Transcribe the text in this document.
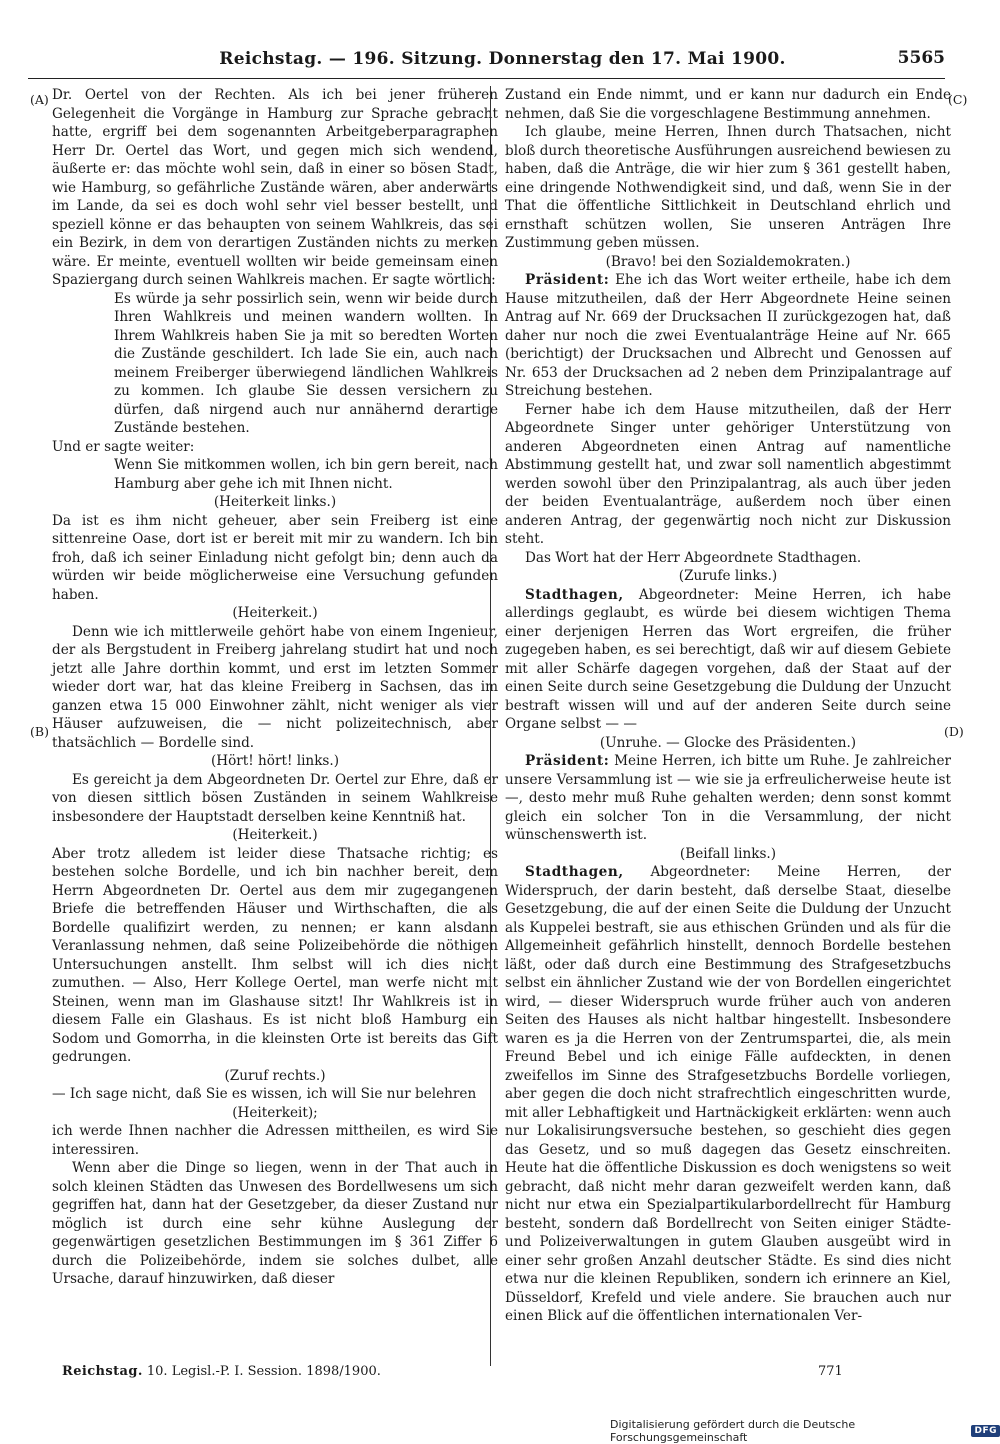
Reichstag. — 196. Sitzung. Donnerstag den 17. Mai 1900.	5565
(A)
(B)
(C)
(D)

Dr. Oertel von der Rechten. Als ich bei jener früheren Gelegenheit die Vorgänge in Hamburg zur Sprache gebracht hatte, ergriff bei dem sogenannten Arbeitgeberparagraphen Herr Dr. Oertel das Wort, und gegen mich sich wendend, äußerte er: das möchte wohl sein, daß in einer so bösen Stadt, wie Hamburg, so gefährliche Zustände wären, aber anderwärts im Lande, da sei es doch wohl sehr viel besser bestellt, und speziell könne er das behaupten von seinem Wahlkreis, das sei ein Bezirk, in dem von derartigen Zuständen nichts zu merken wäre. Er meinte, eventuell wollten wir beide gemeinsam einen Spaziergang durch seinen Wahlkreis machen. Er sagte wörtlich:

Es würde ja sehr possirlich sein, wenn wir beide durch Ihren Wahlkreis und meinen wandern wollten. In Ihrem Wahlkreis haben Sie ja mit so beredten Worten die Zustände geschildert. Ich lade Sie ein, auch nach meinem Freiberger überwiegend ländlichen Wahlkreis zu kommen. Ich glaube Sie dessen versichern zu dürfen, daß nirgend auch nur annähernd derartige Zustände bestehen.

Und er sagte weiter:

Wenn Sie mitkommen wollen, ich bin gern bereit, nach Hamburg aber gehe ich mit Ihnen nicht.

(Heiterkeit links.)

Da ist es ihm nicht geheuer, aber sein Freiberg ist eine sittenreine Oase, dort ist er bereit mit mir zu wandern. Ich bin froh, daß ich seiner Einladung nicht gefolgt bin; denn auch da würden wir beide möglicherweise eine Versuchung gefunden haben.

(Heiterkeit.)

Denn wie ich mittlerweile gehört habe von einem Ingenieur, der als Bergstudent in Freiberg jahrelang studirt hat und noch jetzt alle Jahre dorthin kommt, und erst im letzten Sommer wieder dort war, hat das kleine Freiberg in Sachsen, das im ganzen etwa 15 000 Einwohner zählt, nicht weniger als vier Häuser aufzuweisen, die — nicht polizeitechnisch, aber thatsächlich — Bordelle sind.

(Hört! hört! links.)

Es gereicht ja dem Abgeordneten Dr. Oertel zur Ehre, daß er von diesen sittlich bösen Zuständen in seinem Wahlkreise insbesondere der Hauptstadt derselben keine Kenntniß hat.

(Heiterkeit.)

Aber trotz alledem ist leider diese Thatsache richtig; es bestehen solche Bordelle, und ich bin nachher bereit, dem Herrn Abgeordneten Dr. Oertel aus dem mir zugegangenen Briefe die betreffenden Häuser und Wirthschaften, die als Bordelle qualifizirt werden, zu nennen; er kann alsdann Veranlassung nehmen, daß seine Polizeibehörde die nöthigen Untersuchungen anstellt. Ihm selbst will ich dies nicht zumuthen. — Also, Herr Kollege Oertel, man werfe nicht mit Steinen, wenn man im Glashause sitzt! Ihr Wahlkreis ist in diesem Falle ein Glashaus. Es ist nicht bloß Hamburg ein Sodom und Gomorrha, in die kleinsten Orte ist bereits das Gift gedrungen.

(Zuruf rechts.)

— Ich sage nicht, daß Sie es wissen, ich will Sie nur belehren

(Heiterkeit);

ich werde Ihnen nachher die Adressen mittheilen, es wird Sie interessiren.

Wenn aber die Dinge so liegen, wenn in der That auch in solch kleinen Städten das Unwesen des Bordellwesens um sich gegriffen hat, dann hat der Gesetzgeber, da dieser Zustand nur möglich ist durch eine sehr kühne Auslegung der gegenwärtigen gesetzlichen Bestimmungen im § 361 Ziffer 6 durch die Polizeibehörde, indem sie solches dulbet, alle Ursache, darauf hinzuwirken, daß dieser

Zustand ein Ende nimmt, und er kann nur dadurch ein Ende nehmen, daß Sie die vorgeschlagene Bestimmung annehmen.

Ich glaube, meine Herren, Ihnen durch Thatsachen, nicht bloß durch theoretische Ausführungen ausreichend bewiesen zu haben, daß die Anträge, die wir hier zum § 361 gestellt haben, eine dringende Nothwendigkeit sind, und daß, wenn Sie in der That die öffentliche Sittlichkeit in Deutschland ehrlich und ernsthaft schützen wollen, Sie unseren Anträgen Ihre Zustimmung geben müssen.

(Bravo! bei den Sozialdemokraten.)

Präsident: Ehe ich das Wort weiter ertheile, habe ich dem Hause mitzutheilen, daß der Herr Abgeordnete Heine seinen Antrag auf Nr. 669 der Drucksachen II zurückgezogen hat, daß daher nur noch die zwei Eventualanträge Heine auf Nr. 665 (berichtigt) der Drucksachen und Albrecht und Genossen auf Nr. 653 der Drucksachen ad 2 neben dem Prinzipalantrage auf Streichung bestehen.

Ferner habe ich dem Hause mitzutheilen, daß der Herr Abgeordnete Singer unter gehöriger Unterstützung von anderen Abgeordneten einen Antrag auf namentliche Abstimmung gestellt hat, und zwar soll namentlich abgestimmt werden sowohl über den Prinzipalantrag, als auch über jeden der beiden Eventualanträge, außerdem noch über einen anderen Antrag, der gegenwärtig noch nicht zur Diskussion steht.

Das Wort hat der Herr Abgeordnete Stadthagen.

(Zurufe links.)

Stadthagen, Abgeordneter: Meine Herren, ich habe allerdings geglaubt, es würde bei diesem wichtigen Thema einer derjenigen Herren das Wort ergreifen, die früher zugegeben haben, es sei berechtigt, daß wir auf diesem Gebiete mit aller Schärfe dagegen vorgehen, daß der Staat auf der einen Seite durch seine Gesetzgebung die Duldung der Unzucht bestraft wissen will und auf der anderen Seite durch seine Organe selbst — —

(Unruhe. — Glocke des Präsidenten.)

Präsident: Meine Herren, ich bitte um Ruhe. Je zahlreicher unsere Versammlung ist — wie sie ja erfreulicherweise heute ist —, desto mehr muß Ruhe gehalten werden; denn sonst kommt gleich ein solcher Ton in die Versammlung, der nicht wünschenswerth ist.

(Beifall links.)

Stadthagen, Abgeordneter: Meine Herren, der Widerspruch, der darin besteht, daß derselbe Staat, dieselbe Gesetzgebung, die auf der einen Seite die Duldung der Unzucht als Kuppelei bestraft, sie aus ethischen Gründen und als für die Allgemeinheit gefährlich hinstellt, dennoch Bordelle bestehen läßt, oder daß durch eine Bestimmung des Strafgesetzbuchs selbst ein ähnlicher Zustand wie der von Bordellen eingerichtet wird, — dieser Widerspruch wurde früher auch von anderen Seiten des Hauses als nicht haltbar hingestellt. Insbesondere waren es ja die Herren von der Zentrumspartei, die, als mein Freund Bebel und ich einige Fälle aufdeckten, in denen zweifellos im Sinne des Strafgesetzbuchs Bordelle vorliegen, aber gegen die doch nicht strafrechtlich eingeschritten wurde, mit aller Lebhaftigkeit und Hartnäckigkeit erklärten: wenn auch nur Lokalisirungsversuche bestehen, so geschieht dies gegen das Gesetz, und so muß dagegen das Gesetz einschreiten. Heute hat die öffentliche Diskussion es doch wenigstens so weit gebracht, daß nicht mehr daran gezweifelt werden kann, daß nicht nur etwa ein Spezialpartikularbordellrecht für Hamburg besteht, sondern daß Bordellrecht von Seiten einiger Städte- und Polizeiverwaltungen in gutem Glauben ausgeübt wird in einer sehr großen Anzahl deutscher Städte. Es sind dies nicht etwa nur die kleinen Republiken, sondern ich erinnere an Kiel, Düsseldorf, Krefeld und viele andere. Sie brauchen auch nur einen Blick auf die öffentlichen internationalen Ver-

Reichstag. 10. Legisl.-P. I. Session. 1898/1900.	771
Digitalisierung gefördert durch die Deutsche Forschungsgemeinschaft	DFG
